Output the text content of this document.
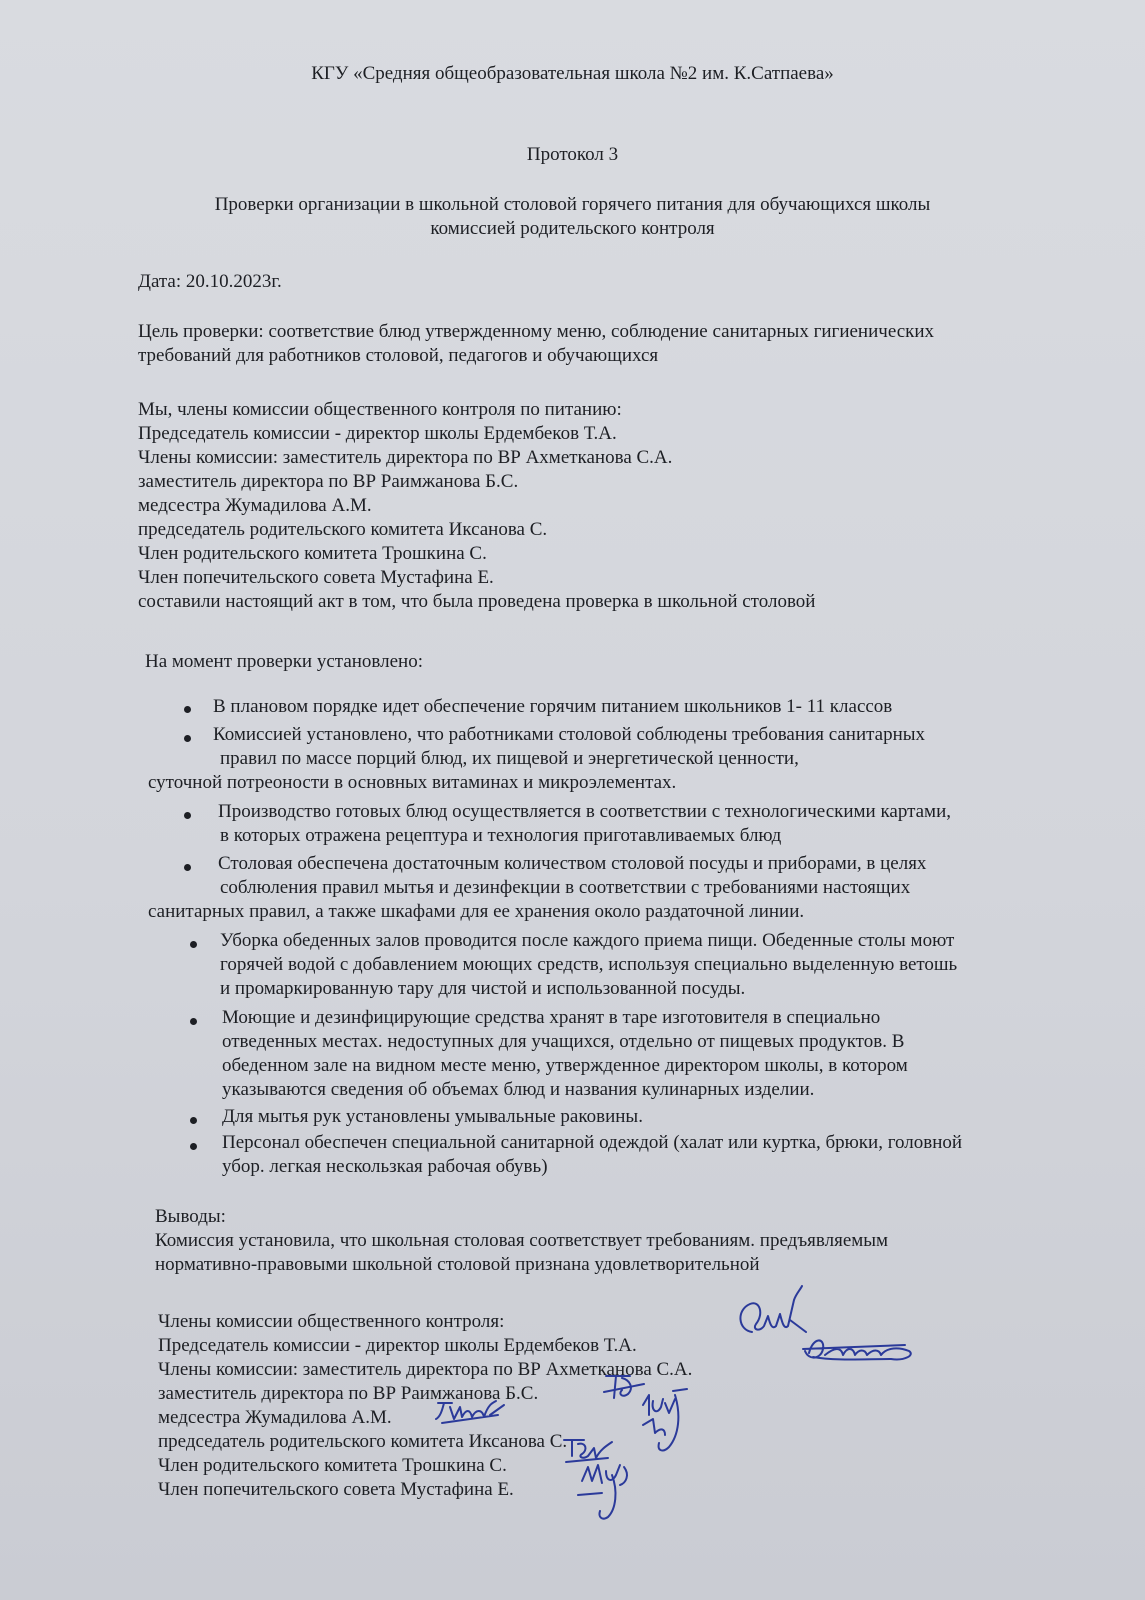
КГУ «Средняя общеобразовательная школа №2 им. К.Сатпаева»
Протокол 3
Проверки организации в школьной столовой горячего питания для обучающихся школы
комиссией родительского контроля
Дата: 20.10.2023г.
Цель проверки: соответствие блюд утвержденному меню, соблюдение санитарных гигиенических
требований для работников столовой, педагогов и обучающихся
Мы, члены комиссии общественного контроля по питанию:
Председатель комиссии - директор школы Ердембеков Т.А.
Члены комиссии: заместитель директора по ВР Ахметканова С.А.
заместитель директора по ВР Раимжанова Б.С.
медсестра Жумадилова А.М.
председатель родительского комитета Иксанова С.
Член родительского комитета Трошкина С.
Член попечительского совета Мустафина Е.
составили настоящий акт в том, что была проведена проверка в школьной столовой
На момент проверки установлено:
В плановом порядке идет обеспечение горячим питанием школьников 1- 11 классов
Комиссией установлено, что работниками столовой соблюдены требования санитарных
правил по массе порций блюд, их пищевой и энергетической ценности,
суточной потреоности в основных витаминах и микроэлементах.
Производство готовых блюд осуществляется в соответствии с технологическими картами,
в которых отражена рецептура и технология приготавливаемых блюд
Столовая обеспечена достаточным количеством столовой посуды и приборами, в целях
соблюления правил мытья и дезинфекции в соответствии с требованиями настоящих
санитарных правил, а также шкафами для ее хранения около раздаточной линии.
Уборка обеденных залов проводится после каждого приема пищи. Обеденные столы моют
горячей водой с добавлением моющих средств, используя специально выделенную ветошь
и промаркированную тару для чистой и использованной посуды.
Моющие и дезинфицирующие средства хранят в таре изготовителя в специально
отведенных местах. недоступных для учащихся, отдельно от пищевых продуктов. В
обеденном зале на видном месте меню, утвержденное директором школы, в котором
указываются сведения об объемах блюд и названия кулинарных изделии.
Для мытья рук установлены умывальные раковины.
Персонал обеспечен специальной санитарной одеждой (халат или куртка, брюки, головной
убор. легкая нескользкая рабочая обувь)
Выводы:
Комиссия установила, что школьная столовая соответствует требованиям. предъявляемым
нормативно-правовыми школьной столовой признана удовлетворительной
Члены комиссии общественного контроля:
Председатель комиссии - директор школы Ердембеков Т.А.
Члены комиссии: заместитель директора по ВР Ахметканова С.А.
заместитель директора по ВР Раимжанова Б.С.
медсестра Жумадилова А.М.
председатель родительского комитета Иксанова С.
Член родительского комитета Трошкина С.
Член попечительского совета Мустафина Е.
